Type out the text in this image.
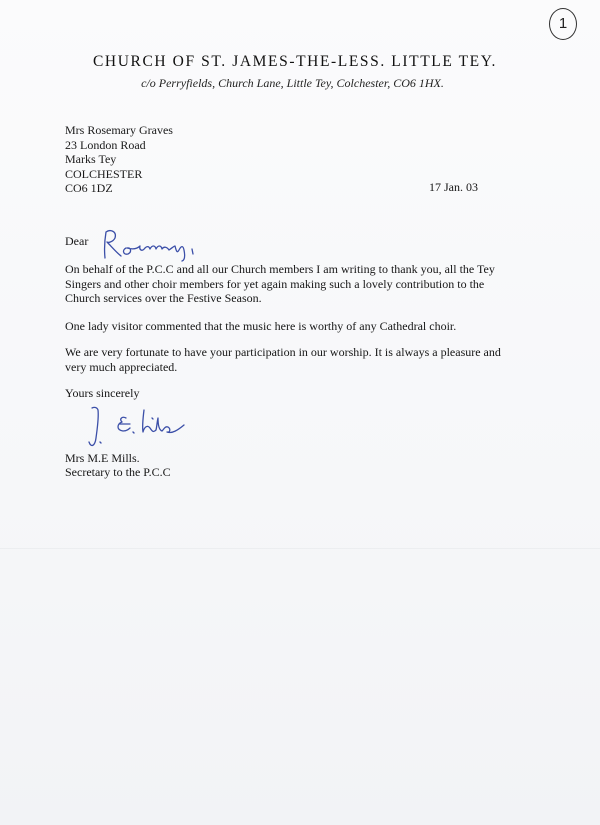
1
CHURCH OF ST. JAMES-THE-LESS. LITTLE TEY.
c/o Perryfields, Church Lane, Little Tey, Colchester, CO6 1HX.
Mrs Rosemary Graves
23 London Road
Marks Tey
COLCHESTER
CO6 1DZ	17 Jan. 03
Dear
On behalf of the P.C.C and all our Church members I am writing to thank you, all the Tey Singers and other choir members for yet again making such a lovely contribution to the Church services over the Festive Season.
One lady visitor commented that the music here is worthy of any Cathedral choir.
We are very fortunate to have your participation in our worship. It is always a pleasure and very much appreciated.
Yours sincerely
Mrs M.E Mills.
Secretary to the P.C.C
